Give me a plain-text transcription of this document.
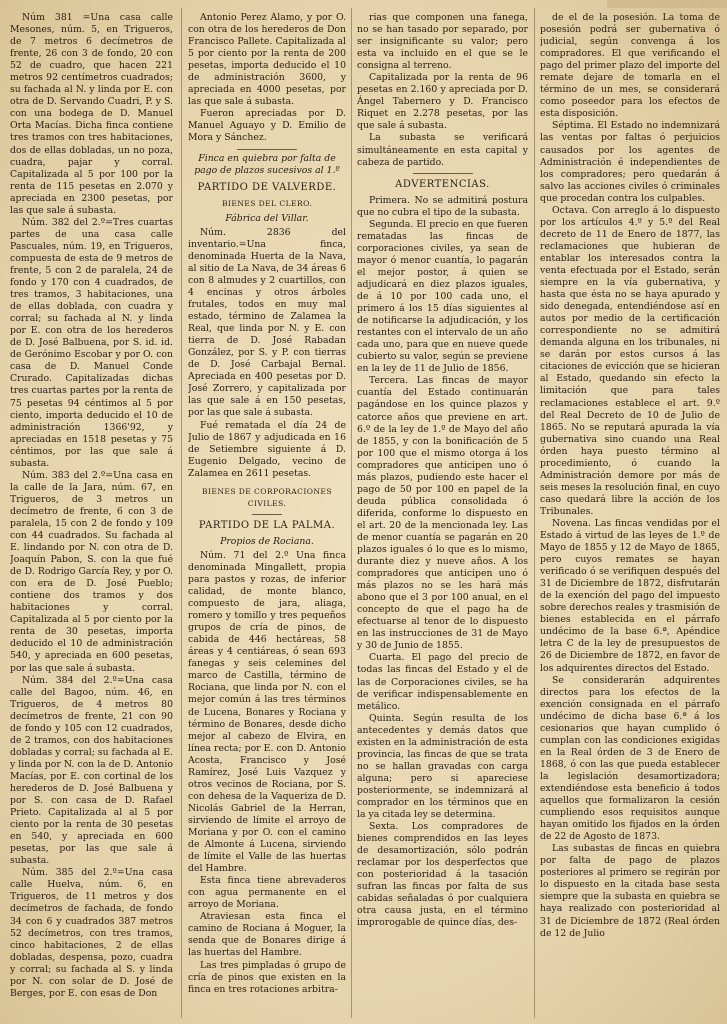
Núm 381 =Una casa calle Mesones, núm. 5, en Trigueros, de 7 metros 6 decímetros de frente, 26 con 3 de fondo, 20 con 52 de cuadro, que hacen 221 metros 92 centímetros cuadrados; su fachada al N. y linda por E. con otra de D. Servando Cuadri, P. y S. con una bodega de D. Manuel Orta Macías. Dicha finca contiene tres tramos con tres habitaciones, dos de ellas dobladas, un no poza, cuadra, pajar y corral. Capitalizada al 5 por 100 por la renta de 115 pesetas en 2.070 y apreciada en 2300 pesetas, por las que sale á subasta.

Núm. 382 del 2.º=Tres cuartas partes de una casa calle Pascuales, núm. 19, en Trigueros, compuesta de esta de 9 metros de frente, 5 con 2 de paralela, 24 de fondo y 170 con 4 cuadrados, de tres tramos, 3 habitaciones, una de ellas doblada, con cuadra y corral; su fachada al N. y linda por E. con otra de los herederos de D. José Balbuena, por S. id. id. de Gerónimo Escobar y por O. con casa de D. Manuel Conde Crurado. Capitalizadas dichas tres cuartas partes por la renta de 75 pesetas 94 céntimos al 5 por ciento, importa deducido el 10 de administración 1366'92, y apreciadas en 1518 pesetas y 75 céntimos, por las que sale á subasta.

Núm. 383 del 2.º=Una casa en la calle de la Jara, núm. 67, en Trigueros, de 3 metros un decímetro de frente, 6 con 3 de paralela, 15 con 2 de fondo y 109 con 44 cuadrados. Su fachada al E. lindando por N. con otra de D. Joaquín Pabon, S. con la que fué de D. Rodrigo García Rey, y por O. con era de D. José Pueblo; contiene dos tramos y dos habitaciones y corral. Capitalizada al 5 por ciento por la renta de 30 pesetas, importa deducido el 10 de administración 540, y apreciada en 600 pesetas, por las que sale á subasta.

Núm. 384 del 2.º=Una casa calle del Bagoo, núm. 46, en Trigueros, de 4 metros 80 decímetros de frente, 21 con 90 de fondo y 105 con 12 cuadrados, de 2 tramos, con dos habitaciones dobladas y corral; su fachada al E. y linda por N. con la de D. Antonio Macías, por E. con cortinal de los herederos de D. José Balbuena y por S. con casa de D. Rafael Prieto. Capitalizada al al 5 por ciento por la renta de 30 pesetas en 540, y apreciada en 600 pesetas, por las que sale á subasta.

Núm. 385 del 2.º=Una casa calle Huelva, núm. 6, en Trigueros, de 11 metros y dos decímetros de fachada, de fondo 34 con 6 y cuadrados 387 metros 52 decímetros, con tres tramos, cinco habitaciones, 2 de ellas dobladas, despensa, pozo, cuadra y corral; su fachada al S. y linda por N. con solar de D. José de Berges, por E. con esas de Don

Antonio Perez Álamo, y por O. con otra de los herederos de Don Francisco Pallete. Capitalizada al 5 por ciento por la renta de 200 pesetas, importa deducido el 10 de administración 3600, y apreciada en 4000 pesetas, por las que sale á subasta.

Fueron apreciadas por D. Manuel Aguayo y D. Emilio de Mora y Sánchez.

Finca en quiebra por falta de pago de plazos sucesivos al 1.º

PARTIDO DE VALVERDE.

BIENES DEL CLERO.

Fábrica del Villar.

Núm. 2836 del inventario.=Una finca, denominada Huerta de la Nava, al sitio de La Nava, de 34 áreas 6 con 8 almudes y 2 cuartillos, con 4 encinas y otros árboles frutales, todos en muy mal estado, término de Zalamea la Real, que linda por N. y E. con tierra de D. José Rabadan González, por S. y P. con tierras de D. José Carbajal Bernal. Apreciada en 400 pesetas por D. José Zorrero, y capitalizada por las que sale á en 150 pesetas, por las que sale á subasta.

Fué rematada el día 24 de Julio de 1867 y adjudicada en 16 de Setiembre siguiente á D. Eugenio Delgado, vecino de Zalamea en 2611 pesetas.

BIENES DE CORPORACIONES CIVILES.

PARTIDO DE LA PALMA.

Propios de Rociana.

Núm. 71 del 2.º Una finca denominada Mingallett, propia para pastos y rozas, de inferior calidad, de monte blanco, compuesto de jara, aliaga, romero y tomillo y tres pequeños grupos de cría de pinos, de cabida de 446 hectáreas, 58 áreas y 4 centiáreas, ó sean 693 fanegas y seis celemines del marco de Castilla, término de Rociana, que linda por N. con el mejor común á las tres términos de Lucena, Bonares y Rociana y término de Bonares, desde dicho mejor al cabezo de Elvira, en línea recta; por E. con D. Antonio Acosta, Francisco y José Ramírez, José Luis Vazquez y otros vecinos de Rociana, por S. con dehesa de la Vaqueriza de D. Nicolás Gabriel de la Herran, sirviendo de límite el arroyo de Moriana y por O. con el camino de Almonte á Lucena, sirviendo de límite el Valle de las huertas del Hambre.

Esta finca tiene abrevaderos con agua permanente en el arroyo de Moriana.

Atraviesan esta finca el camino de Rociana á Moguer, la senda que de Bonares dirige á las huertas del Hambre.

Las tres pimpladas ó grupo de cría de pinos que existen en la finca en tres rotaciones arbitra-

rias que componen una fanega, no se han tasado por separado, por ser insignificante su valor; pero esta va incluido en el que se le consigna al terreno.

Capitalizada por la renta de 96 pesetas en 2.160 y apreciada por D. Ángel Tabernero y D. Francisco Riquet en 2.278 pesetas, por las que sale á subasta.

La subasta se verificará simultáneamente en esta capital y cabeza de partido.

ADVERTENCIAS.

Primera. No se admitirá postura que no cubra el tipo de la subasta.

Segunda. El precio en que fueren rematadas las fincas de corporaciones civiles, ya sean de mayor ó menor cuantía, lo pagarán el mejor postor, á quien se adjudicará en diez plazos iguales, de á 10 por 100 cada uno, el primero á los 15 días siguientes al de notificarse la adjudicación, y los restantes con el intervalo de un año cada uno, para que en nueve quede cubierto su valor, según se previene en la ley de 11 de Julio de 1856.

Tercera. Las fincas de mayor cuantía del Estado continuarán pagándose en los quince plazos y catorce años que previene en art. 6.º de la ley de 1.º de Mayo del año de 1855, y con la bonificación de 5 por 100 que el mismo otorga á los compradores que anticipen uno ó más plazos, pudiendo este hacer el pago de 50 por 100 en papel de la deuda pública consolidada ó diferida, conforme lo dispuesto en el art. 20 de la mencionada ley. Las de menor cuantía se pagarán en 20 plazos iguales ó lo que es lo mismo, durante diez y nueve años. A los compradores que anticipen uno ó más plazos no se les hará más abono que el 3 por 100 anual, en el concepto de que el pago ha de efectuarse al tenor de lo dispuesto en las instrucciones de 31 de Mayo y 30 de Junio de 1855.

Cuarta. El pago del precio de todas las fincas del Estado y el de las de Corporaciones civiles, se ha de verificar indispensablemente en metálico.

Quinta. Según resulta de los antecedentes y demás datos que existen en la administración de esta provincia, las fincas de que se trata no se hallan gravadas con carga alguna; pero si apareciese posteriormente, se indemnizará al comprador en los términos que en la ya citada ley se determina.

Sexta. Los compradores de bienes comprendidos en las leyes de desamortización, sólo podrán reclamar por los desperfectos que con posterioridad á la tasación sufran las fincas por falta de sus cabidas señaladas ó por cualquiera otra causa justa, en el término improrogable de quince días, des-

de el de la posesión. La toma de posesión podrá ser gubernativa ó judicial, según convenga á los compradores. El que verificando el pago del primer plazo del importe del remate dejare de tomarla en el término de un mes, se considerará como poseedor para los efectos de esta disposición.

Séptima. El Estado no indemnizará las ventas por faltas ó perjuicios causados por los agentes de Administración é independientes de los compradores; pero quedarán á salvo las acciones civiles ó criminales que procedan contra los culpables.

Octava. Con arreglo á lo dispuesto por los artículos 4.º y 5.º del Real decreto de 11 de Enero de 1877, las reclamaciones que hubieran de entablar los interesados contra la venta efectuada por el Estado, serán siempre en la vía gubernativa, y hasta que ésta no se haya apurado y sido denegada, entendiéndose así en autos por medio de la certificación correspondiente no se admitirá demanda alguna en los tribunales, ni se darán por estos cursos á las citaciones de evicción que se hicieran al Estado, quedando sin efecto la limitación que para tales reclamaciones establece el art. 9.º del Real Decreto de 10 de Julio de 1865. No se reputará apurada la vía gubernativa sino cuando una Real órden haya puesto término al procedimiento, ó cuando la Administración demore por más de seis meses la resolución final, en cuyo caso quedará libre la acción de los Tribunales.

Novena. Las fincas vendidas por el Estado á virtud de las leyes de 1.º de Mayo de 1855 y 12 de Mayo de 1865, pero cuyos remates se hayan verificado ó se verifiquen después del 31 de Diciembre de 1872, disfrutarán de la exención del pago del impuesto sobre derechos reales y trasmisión de bienes establecida en el párrafo undécimo de la base 6.ª, Apéndice letra C de la ley de presupuestos de 26 de Diciembre de 1872, en favor de los adquirentes directos del Estado.

Se considerarán adquirentes directos para los efectos de la exención consignada en el párrafo undécimo de dicha base 6.ª á los cesionarios que hayan cumplido ó cumplan con las condiciones exigidas en la Real órden de 3 de Enero de 1868, ó con las que pueda establecer la legislación desamortizadora; extendiéndose esta beneficio á todos aquellos que formalizaron la cesión cumpliendo esos requisitos aunque hayan omitido los fijados en la órden de 22 de Agosto de 1873.

Las subastas de fincas en quiebra por falta de pago de plazos posteriores al primero se regirán por lo dispuesto en la citada base sesta siempre que la subasta en quiebra se haya realizado con posterioridad al 31 de Diciembre de 1872 (Real órden de 12 de Julio
